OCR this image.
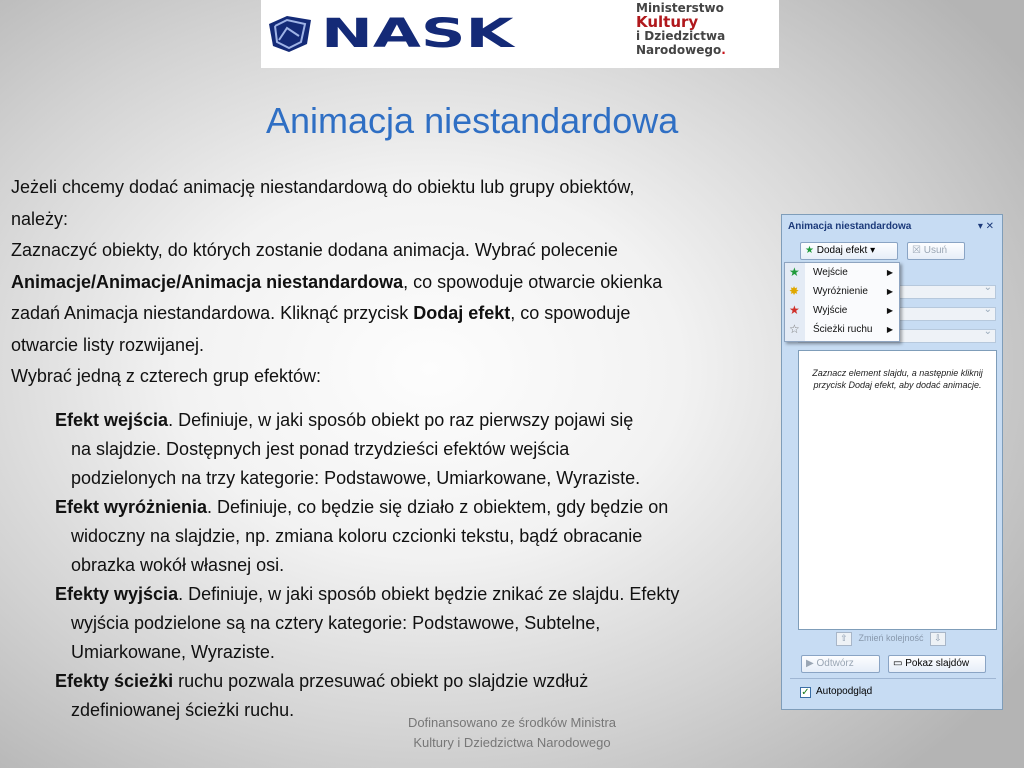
NASK
Ministerstwo
Kultury
i Dziedzictwa
Narodowego.
Animacja niestandardowa
Jeżeli chcemy dodać animację niestandardową do obiektu lub grupy obiektów,
należy:
Zaznaczyć obiekty, do których zostanie dodana animacja. Wybrać polecenie
Animacje/Animacje/Animacja niestandardowa, co spowoduje otwarcie okienka
zadań Animacja niestandardowa. Kliknąć przycisk Dodaj efekt, co spowoduje
otwarcie listy rozwijanej.
Wybrać jedną z czterech grup efektów:
Efekt wejścia. Definiuje, w jaki sposób obiekt po raz pierwszy pojawi się
na slajdzie. Dostępnych jest ponad trzydzieści efektów wejścia
podzielonych na trzy kategorie: Podstawowe, Umiarkowane, Wyraziste.
Efekt wyróżnienia. Definiuje, co będzie się działo z obiektem, gdy będzie on
widoczny na slajdzie, np. zmiana koloru czcionki tekstu, bądź obracanie
obrazka wokół własnej osi.
Efekty wyjścia. Definiuje, w jaki sposób obiekt będzie znikać ze slajdu. Efekty
wyjścia podzielone są na cztery kategorie: Podstawowe, Subtelne,
Umiarkowane, Wyraziste.
Efekty ścieżki ruchu pozwala przesuwać obiekt po slajdzie wzdłuż
zdefiniowanej ścieżki ruchu.
Dofinansowano ze środków Ministra
Kultury i Dziedzictwa Narodowego
Animacja niestandardowa	▾ ✕
★ Dodaj efekt ▾	☒ Usuń
⌄
⌄
⌄
Zaznacz element slajdu, a następnie kliknij przycisk Dodaj efekt, aby dodać animacje.
⇧ Zmień kolejność ⇩
▶ Odtwórz	▭ Pokaz slajdów
✓ Autopodgląd
★ Wejście	▶
✸ Wyróżnienie ▶
★ Wyjście	▶
☆ Ścieżki ruchu ▶
